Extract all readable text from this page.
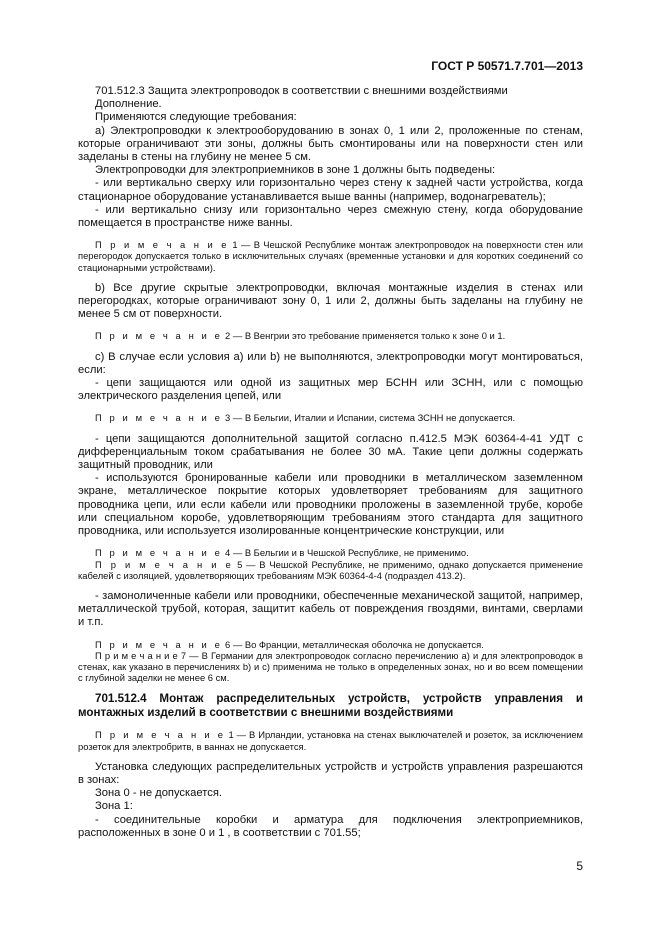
ГОСТ Р 50571.7.701—2013

701.512.3 Защита электропроводок в соответствии с внешними воздействиями

Дополнение.

Применяются следующие требования:

а) Электропроводки к электрооборудованию в зонах 0, 1 или 2, проложенные по стенам, которые ограничивают эти зоны, должны быть смонтированы или на поверхности стен или заделаны в стены на глубину не менее 5 см.

Электропроводки для электроприемников в зоне 1 должны быть подведены:

- или вертикально сверху или горизонтально через стену к задней части устройства, когда стационарное оборудование устанавливается выше ванны (например, водонагреватель);

- или вертикально снизу или горизонтально через смежную стену, когда оборудование помещается в пространстве ниже ванны.

П р и м е ч а н и е 1 — В Чешской Республике монтаж электропроводок на поверхности стен или перегородок допускается только в исключительных случаях (временные установки и для коротких соединений со стационарными устройствами).

b) Все другие скрытые электропроводки, включая монтажные изделия в стенах или перегородках, которые ограничивают зону 0, 1 или 2, должны быть заделаны на глубину не менее 5 см от поверхности.

П р и м е ч а н и е 2 — В Венгрии это требование применяется только к зоне 0 и 1.

с) В случае если условия а) или b) не выполняются, электропроводки могут монтироваться, если:

- цепи защищаются или одной из защитных мер БСНН или ЗСНН, или с помощью электрического разделения цепей, или

П р и м е ч а н и е 3 — В Бельгии, Италии и Испании, система ЗСНН не допускается.

- цепи защищаются дополнительной защитой согласно п.412.5 МЭК 60364-4-41 УДТ с дифференциальным током срабатывания не более 30 мА. Такие цепи должны содержать защитный проводник, или

- используются бронированные кабели или проводники в металлическом заземленном экране, металлическое покрытие которых удовлетворяет требованиям для защитного проводника цепи, или если кабели или проводники проложены в заземленной трубе, коробе или специальном коробе, удовлетворяющим требованиям этого стандарта для защитного проводника, или используется изолированные концентрические конструкции, или

П р и м е ч а н и е 4 — В Бельгии и в Чешской Республике, не применимо.

П р и м е ч а н и е 5 — В Чешской Республике, не применимо, однако допускается применение кабелей с изоляцией, удовлетворяющих требованиям МЭК 60364-4-4 (подраздел 413.2).

- замоноличенные кабели или проводники, обеспеченные механической защитой, например, металлической трубой, которая, защитит кабель от повреждения гвоздями, винтами, сверлами и т.п.

П р и м е ч а н и е 6 — Во Франции, металлическая оболочка не допускается.

П р и м е ч а н и е 7 — В Германии для электропроводок согласно перечислению а) и для электропроводок в стенах, как указано в перечислениях b) и с) применима не только в определенных зонах, но и во всем помещении с глубиной заделки не менее 6 см.

701.512.4 Монтаж распределительных устройств, устройств управления и монтажных изделий в соответствии с внешними воздействиями

П р и м е ч а н и е 1 — В Ирландии, установка на стенах выключателей и розеток, за исключением розеток для электробритв, в ваннах не допускается.

Установка следующих распределительных устройств и устройств управления разрешаются в зонах:

Зона 0 - не допускается.

Зона 1:

- соединительные коробки и арматура для подключения электроприемников, расположенных в зоне 0 и 1 , в соответствии с 701.55;

5
